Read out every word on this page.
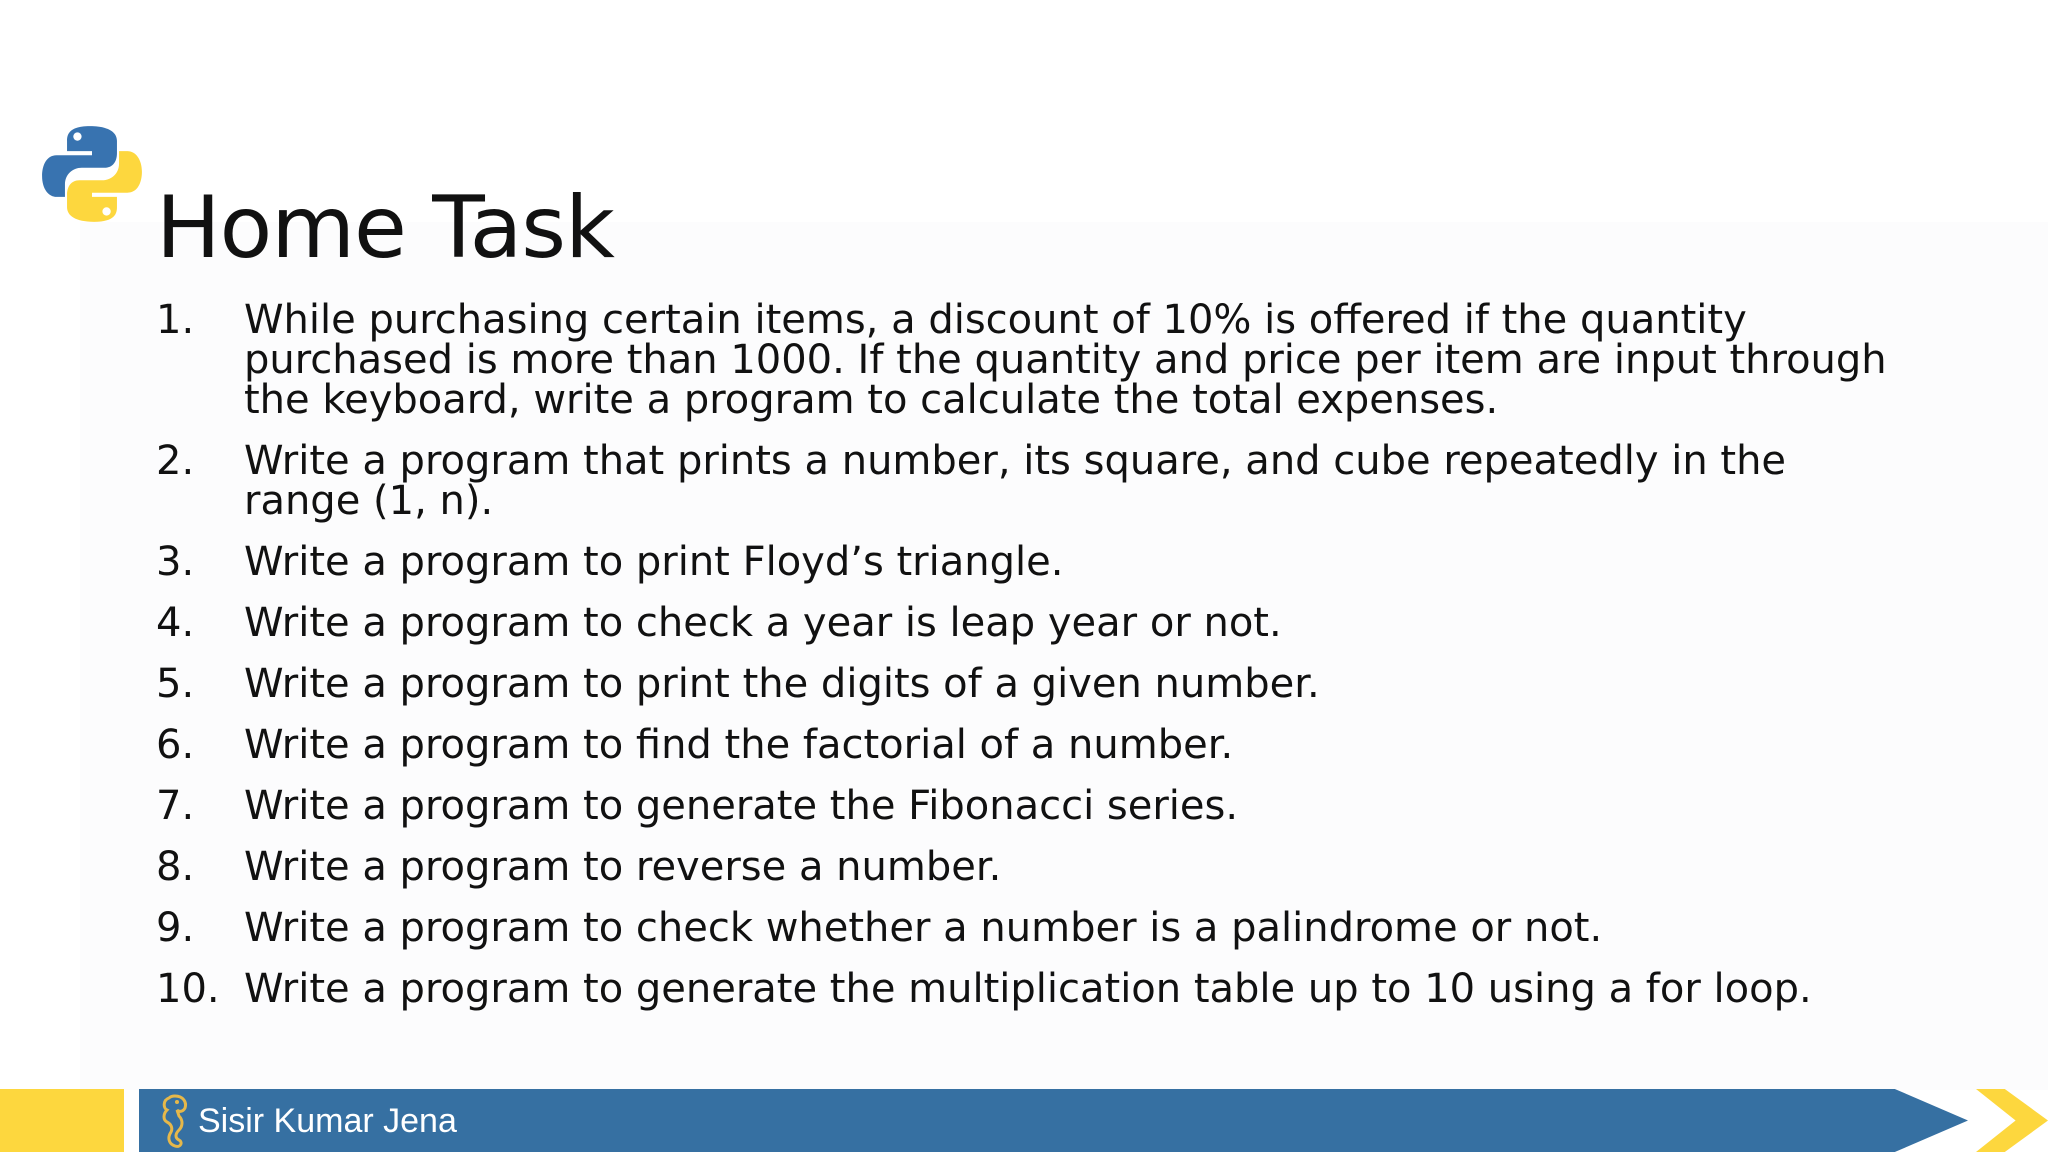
Home Task
1.	While purchasing certain items, a discount of 10% is offered if the quantity purchased is more than 1000. If the quantity and price per item are input through the keyboard, write a program to calculate the total expenses.
2.	Write a program that prints a number, its square, and cube repeatedly in the range (1, n).
3.	Write a program to print Floyd’s triangle.
4.	Write a program to check a year is leap year or not.
5.	Write a program to print the digits of a given number.
6.	Write a program to find the factorial of a number.
7.	Write a program to generate the Fibonacci series.
8.	Write a program to reverse a number.
9.	Write a program to check whether a number is a palindrome or not.
10. Write a program to generate the multiplication table up to 10 using a for loop.
Sisir Kumar Jena
